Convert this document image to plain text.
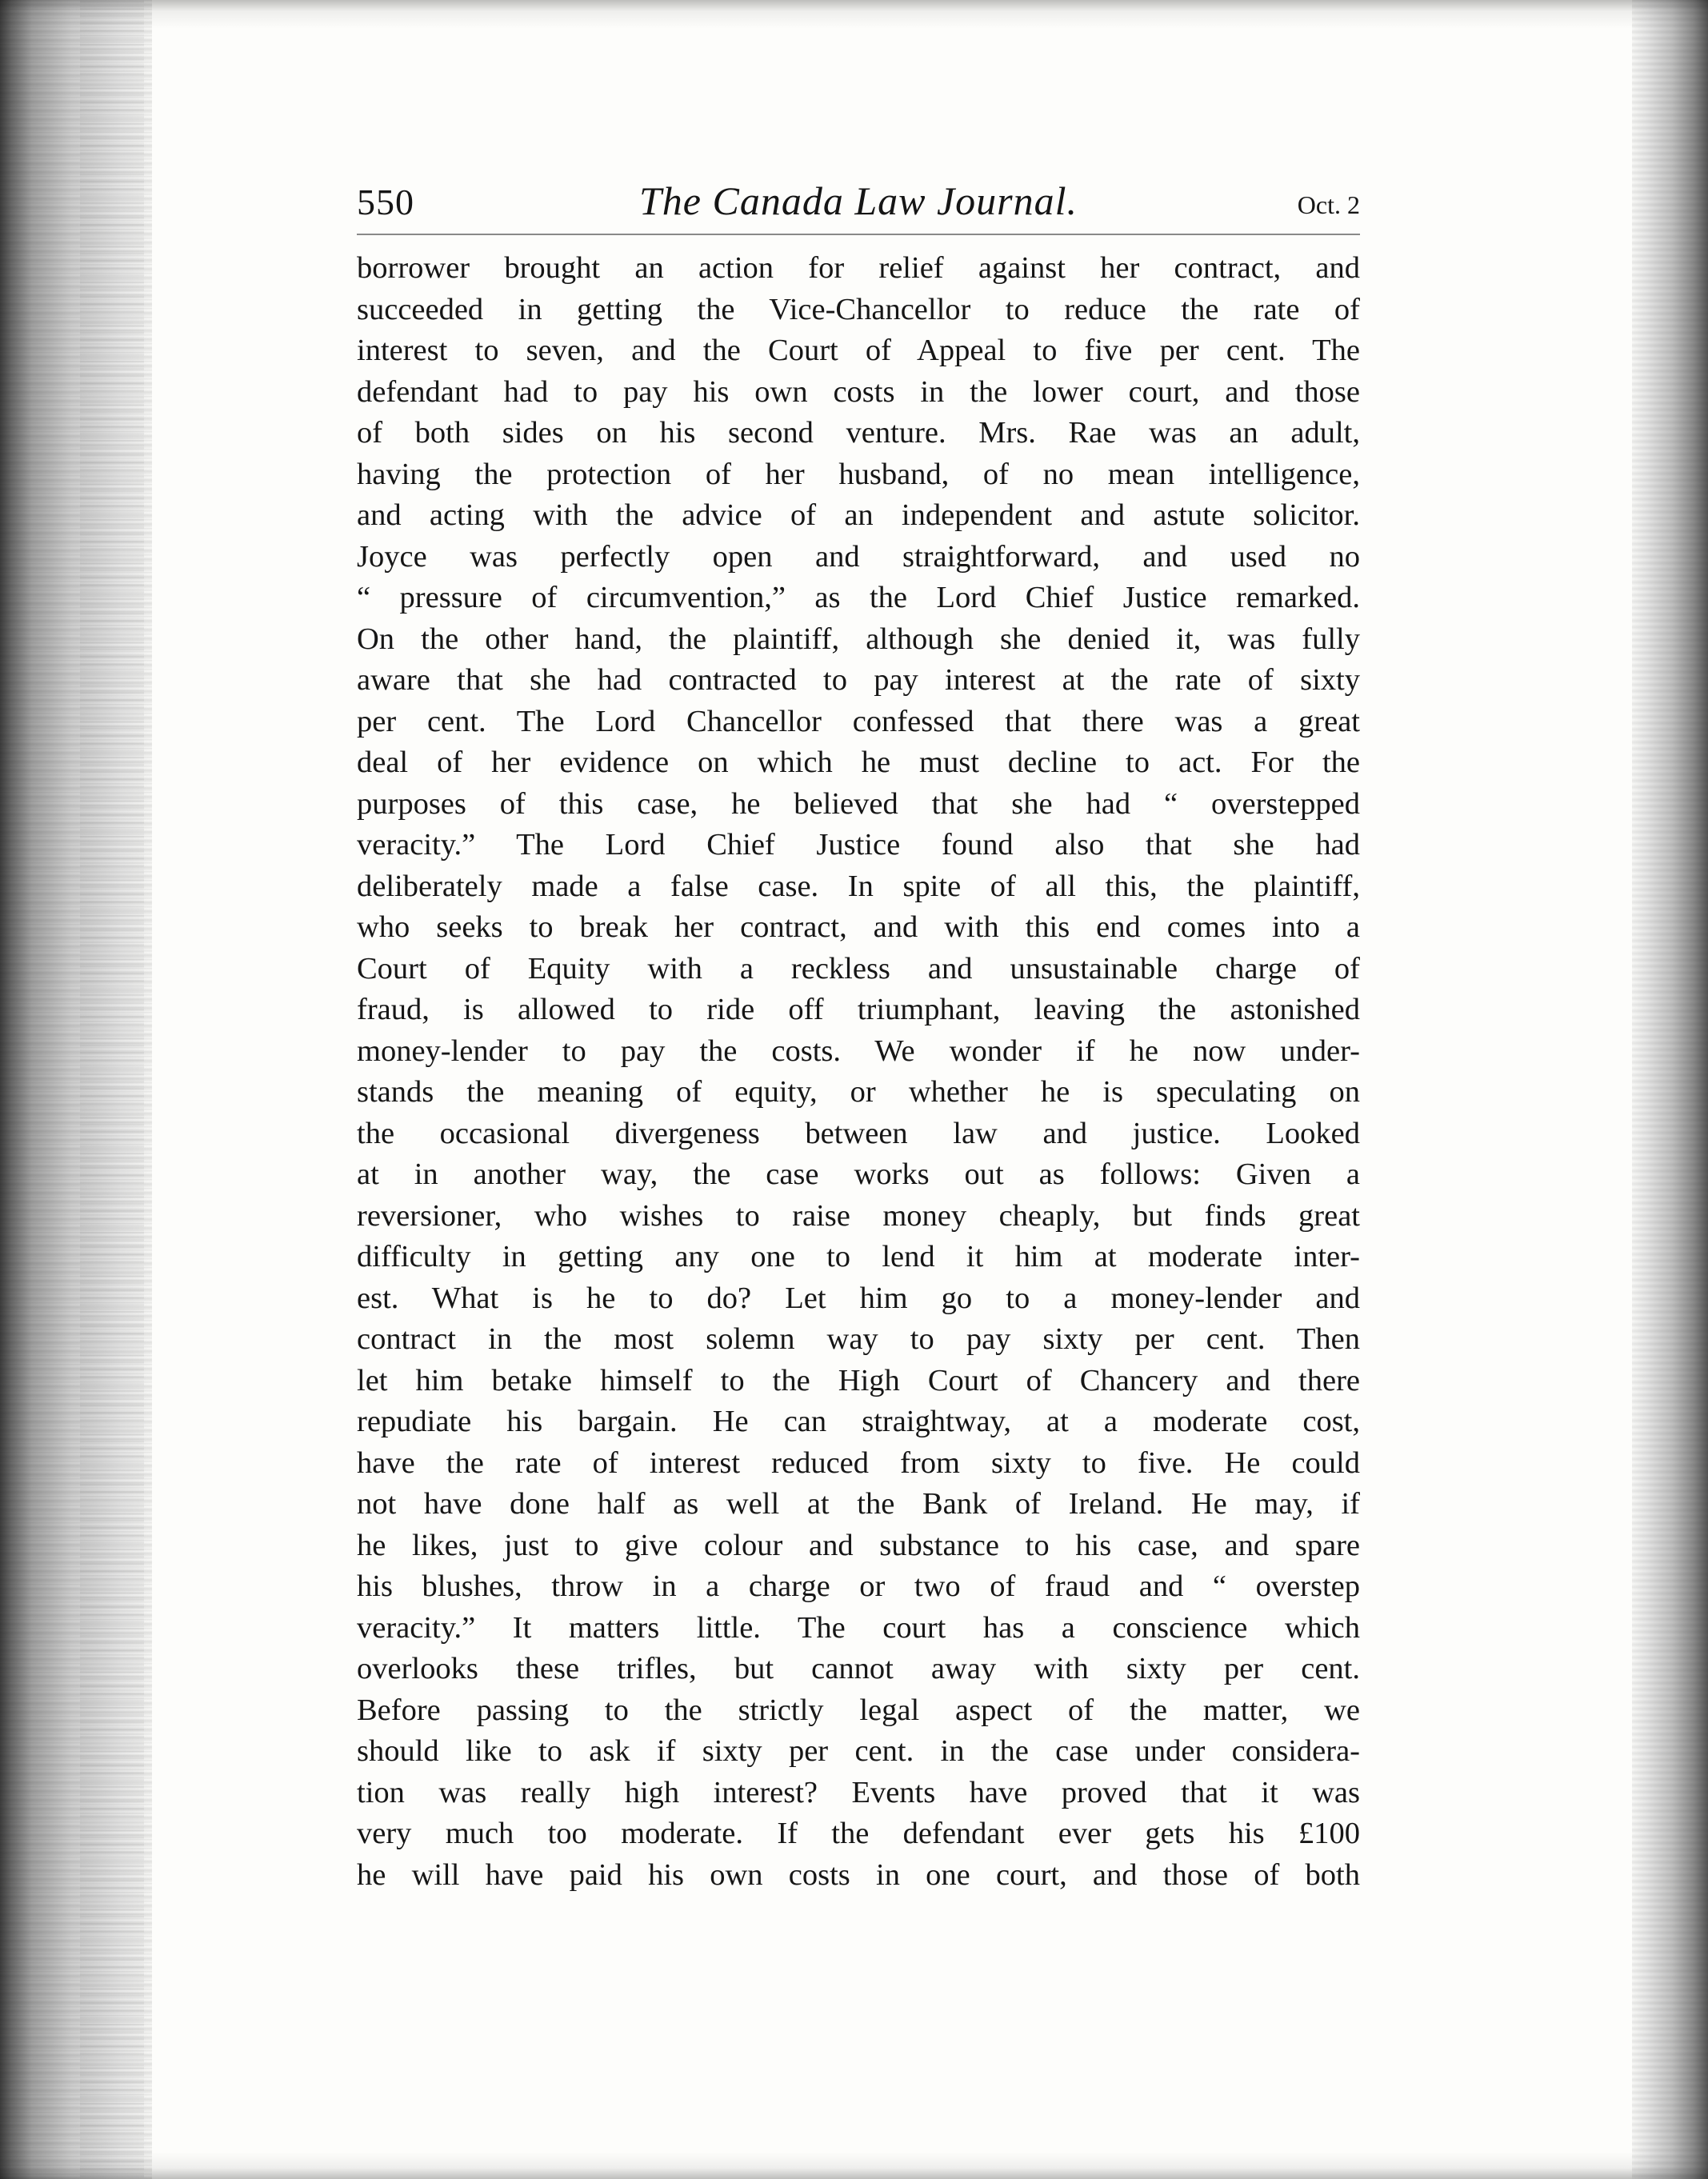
550	The Canada Law Journal.	Oct. 2
borrower brought an action for relief against her contract, and
succeeded in getting the Vice-Chancellor to reduce the rate of
interest to seven, and the Court of Appeal to five per cent. The
defendant had to pay his own costs in the lower court, and those
of both sides on his second venture. Mrs. Rae was an adult,
having the protection of her husband, of no mean intelligence,
and acting with the advice of an independent and astute solicitor.
Joyce was perfectly open and straightforward, and used no
“ pressure of circumvention,” as the Lord Chief Justice remarked.
On the other hand, the plaintiff, although she denied it, was fully
aware that she had contracted to pay interest at the rate of sixty
per cent. The Lord Chancellor confessed that there was a great
deal of her evidence on which he must decline to act. For the
purposes of this case, he believed that she had “ overstepped
veracity.” The Lord Chief Justice found also that she had
deliberately made a false case. In spite of all this, the plaintiff,
who seeks to break her contract, and with this end comes into a
Court of Equity with a reckless and unsustainable charge of
fraud, is allowed to ride off triumphant, leaving the astonished
money-lender to pay the costs. We wonder if he now under-
stands the meaning of equity, or whether he is speculating on
the occasional divergeness between law and justice. Looked
at in another way, the case works out as follows: Given a
reversioner, who wishes to raise money cheaply, but finds great
difficulty in getting any one to lend it him at moderate inter-
est. What is he to do? Let him go to a money-lender and
contract in the most solemn way to pay sixty per cent. Then
let him betake himself to the High Court of Chancery and there
repudiate his bargain. He can straightway, at a moderate cost,
have the rate of interest reduced from sixty to five. He could
not have done half as well at the Bank of Ireland. He may, if
he likes, just to give colour and substance to his case, and spare
his blushes, throw in a charge or two of fraud and “ overstep
veracity.” It matters little. The court has a conscience which
overlooks these trifles, but cannot away with sixty per cent.
Before passing to the strictly legal aspect of the matter, we
should like to ask if sixty per cent. in the case under considera-
tion was really high interest? Events have proved that it was
very much too moderate. If the defendant ever gets his £100
he will have paid his own costs in one court, and those of both
